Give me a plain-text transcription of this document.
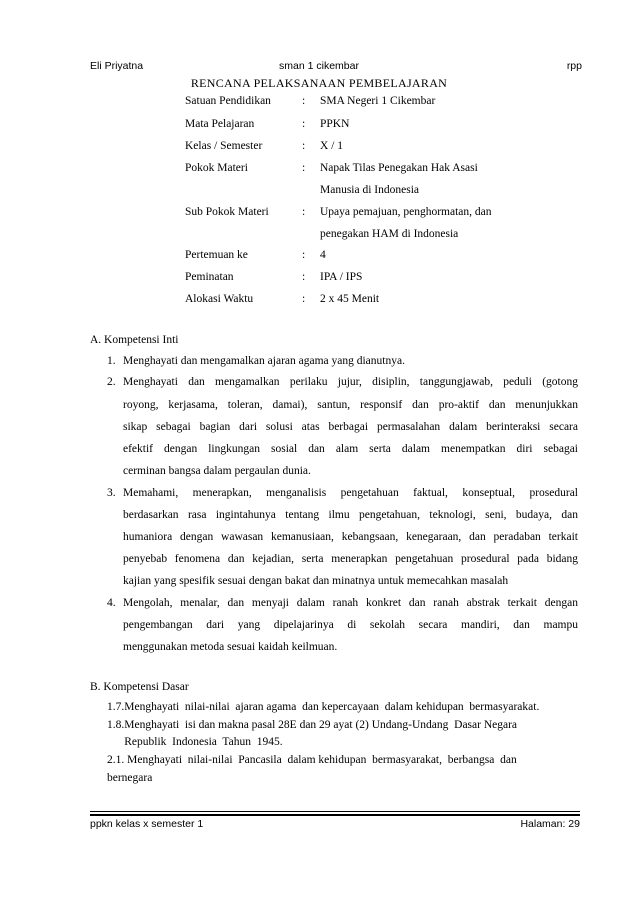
sman 1 cikembar
Eli Priyatna	rpp
RENCANA PELAKSANAAN PEMBELAJARAN
Satuan Pendidikan	: SMA Negeri 1 Cikembar
Mata Pelajaran	: PPKN
Kelas / Semester	: X / 1
Pokok Materi	: Napak Tilas Penegakan Hak Asasi
Manusia di Indonesia
Sub Pokok Materi	: Upaya pemajuan, penghormatan, dan
penegakan HAM di Indonesia
Pertemuan ke	: 4
Peminatan	: IPA / IPS
Alokasi Waktu	: 2 x 45 Menit
A. Kompetensi Inti
1. Menghayati dan mengamalkan ajaran agama yang dianutnya.
2. Menghayati dan mengamalkan perilaku jujur, disiplin, tanggungjawab, peduli (gotong
royong, kerjasama, toleran, damai), santun, responsif dan pro-aktif dan menunjukkan
sikap sebagai bagian dari solusi atas berbagai permasalahan dalam berinteraksi secara
efektif dengan lingkungan sosial dan alam serta dalam menempatkan diri sebagai
cerminan bangsa dalam pergaulan dunia.
3. Memahami, menerapkan, menganalisis pengetahuan faktual, konseptual, prosedural
berdasarkan rasa ingintahunya tentang ilmu pengetahuan, teknologi, seni, budaya, dan
humaniora dengan wawasan kemanusiaan, kebangsaan, kenegaraan, dan peradaban terkait
penyebab fenomena dan kejadian, serta menerapkan pengetahuan prosedural pada bidang
kajian yang spesifik sesuai dengan bakat dan minatnya untuk memecahkan masalah
4. Mengolah, menalar, dan menyaji dalam ranah konkret dan ranah abstrak terkait dengan
pengembangan dari yang dipelajarinya di sekolah secara mandiri, dan mampu
menggunakan metoda sesuai kaidah keilmuan.
B. Kompetensi Dasar
1.7.Menghayati  nilai-nilai  ajaran agama  dan kepercayaan  dalam kehidupan  bermasyarakat.
1.8.Menghayati  isi dan makna pasal 28E dan 29 ayat (2) Undang-Undang  Dasar Negara
Republik  Indonesia  Tahun  1945.
2.1. Menghayati  nilai-nilai  Pancasila  dalam kehidupan  bermasyarakat,  berbangsa  dan
bernegara
ppkn kelas x semester 1	Halaman: 29
